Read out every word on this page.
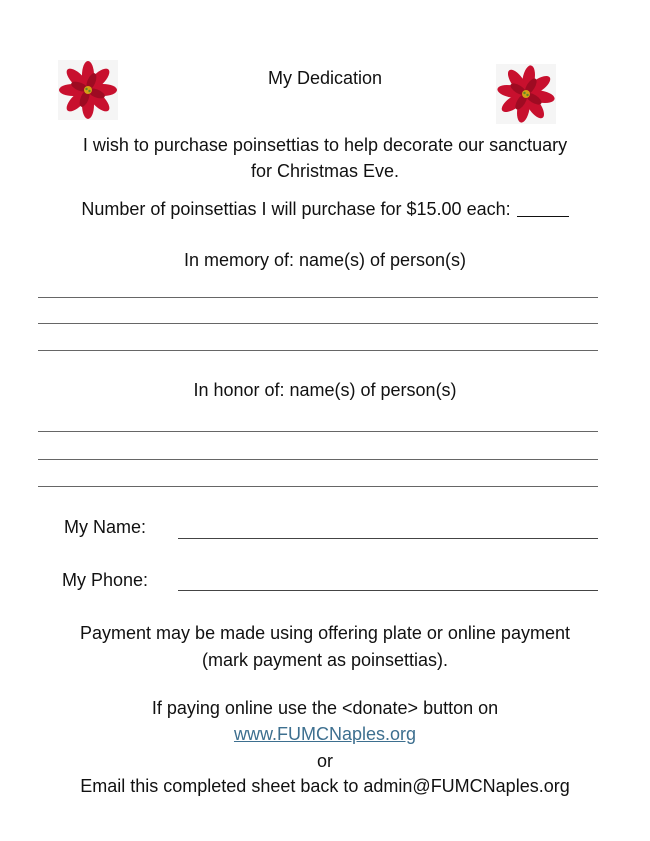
My Dedication
I wish to purchase poinsettias to help decorate our sanctuary
for Christmas Eve.
Number of poinsettias I will purchase for $15.00 each:
In memory of: name(s) of person(s)
In honor of: name(s) of person(s)
My Name:
My Phone:
Payment may be made using offering plate or online payment
(mark payment as poinsettias).
If paying online use the <donate> button on
www.FUMCNaples.org
or
Email this completed sheet back to admin@FUMCNaples.org
